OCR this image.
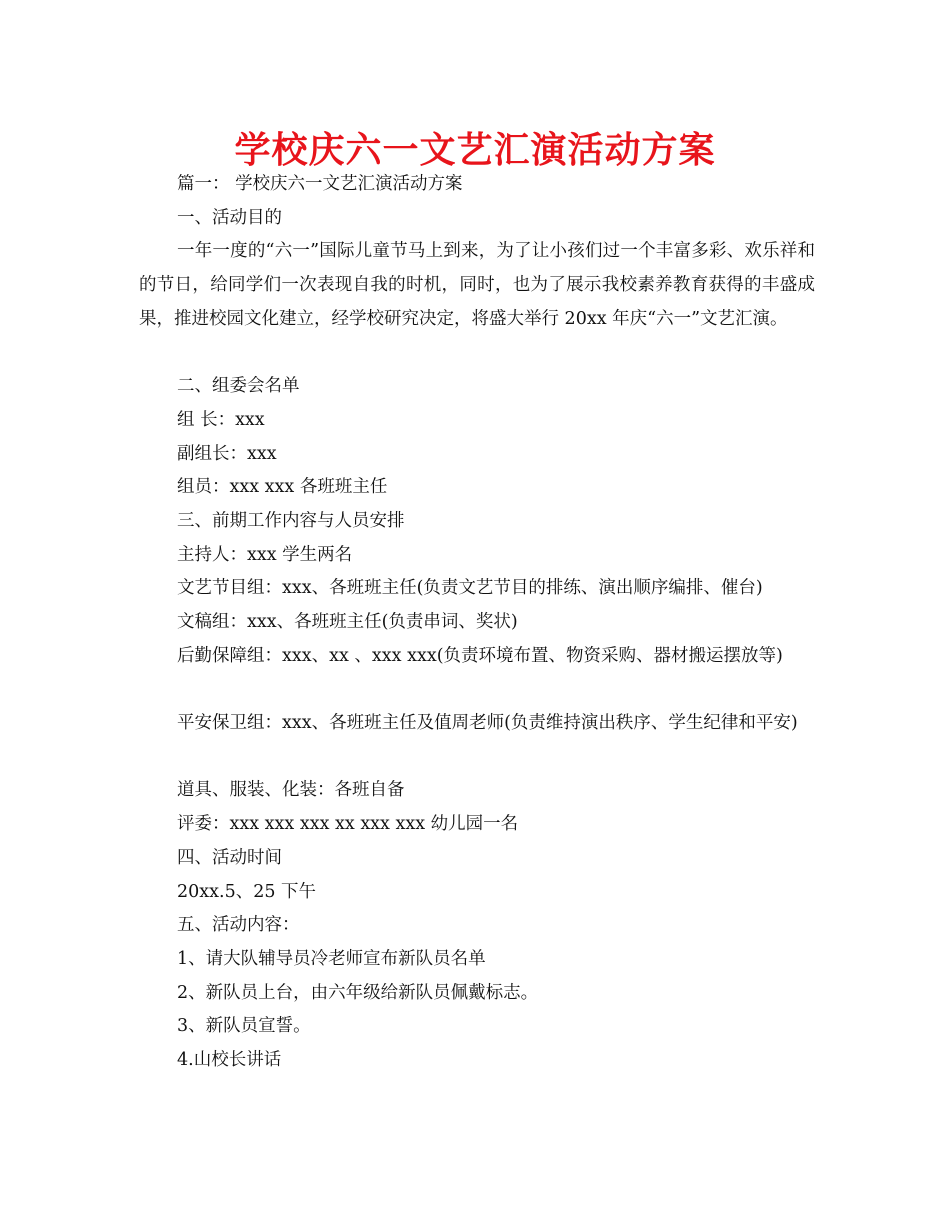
学校庆六一文艺汇演活动方案
篇一： 学校庆六一文艺汇演活动方案
一、活动目的
一年一度的“六一”国际儿童节马上到来，为了让小孩们过一个丰富多彩、欢乐祥和的节日，给同学们一次表现自我的时机，同时，也为了展示我校素养教育获得的丰盛成果，推进校园文化建立，经学校研究决定，将盛大举行 20xx 年庆“六一”文艺汇演。
二、组委会名单
组 长：xxx
副组长：xxx
组员：xxx xxx 各班班主任
三、前期工作内容与人员安排
主持人：xxx 学生两名
文艺节目组：xxx、各班班主任(负责文艺节目的排练、演出顺序编排、催台)
文稿组：xxx、各班班主任(负责串词、奖状)
后勤保障组：xxx、xx 、xxx xxx(负责环境布置、物资采购、器材搬运摆放等)
平安保卫组：xxx、各班班主任及值周老师(负责维持演出秩序、学生纪律和平安)
道具、服装、化装：各班自备
评委：xxx xxx xxx xx xxx xxx 幼儿园一名
四、活动时间
20xx.5、25 下午
五、活动内容：
1、请大队辅导员冷老师宣布新队员名单
2、新队员上台，由六年级给新队员佩戴标志。
3、新队员宣誓。
4.山校长讲话
